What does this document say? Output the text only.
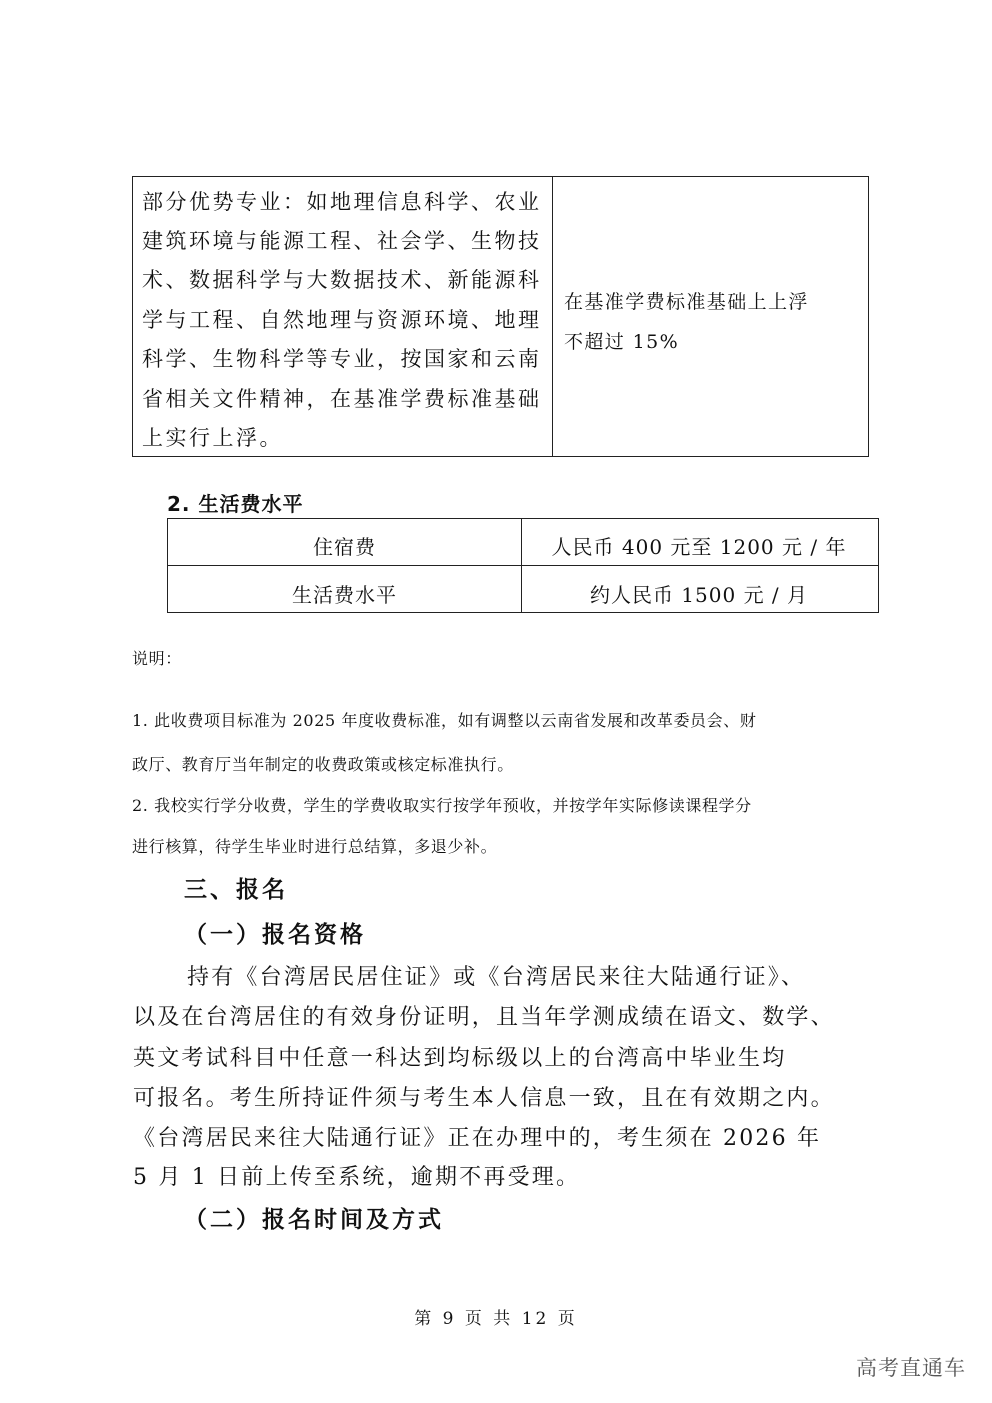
部分优势专业：如地理信息科学、农业
建筑环境与能源工程、社会学、生物技
术、数据科学与大数据技术、新能源科
学与工程、自然地理与资源环境、地理
科学、生物科学等专业，按国家和云南
省相关文件精神，在基准学费标准基础
上实行上浮。
在基准学费标准基础上上浮
不超过 15%
2. 生活费水平
住宿费	人民币 400 元至 1200 元 / 年
生活费水平	约人民币 1500 元 / 月
说明：
1. 此收费项目标准为 2025 年度收费标准，如有调整以云南省发展和改革委员会、财
政厅、教育厅当年制定的收费政策或核定标准执行。
2. 我校实行学分收费，学生的学费收取实行按学年预收，并按学年实际修读课程学分
进行核算，待学生毕业时进行总结算，多退少补。
三、报名
（一）报名资格
持有《台湾居民居住证》或《台湾居民来往大陆通行证》、
以及在台湾居住的有效身份证明，且当年学测成绩在语文、数学、
英文考试科目中任意一科达到均标级以上的台湾高中毕业生均
可报名。考生所持证件须与考生本人信息一致，且在有效期之内。
《台湾居民来往大陆通行证》正在办理中的，考生须在 2026 年
5 月 1 日前上传至系统，逾期不再受理。
（二）报名时间及方式
第 9 页 共 12 页
高考直通车
